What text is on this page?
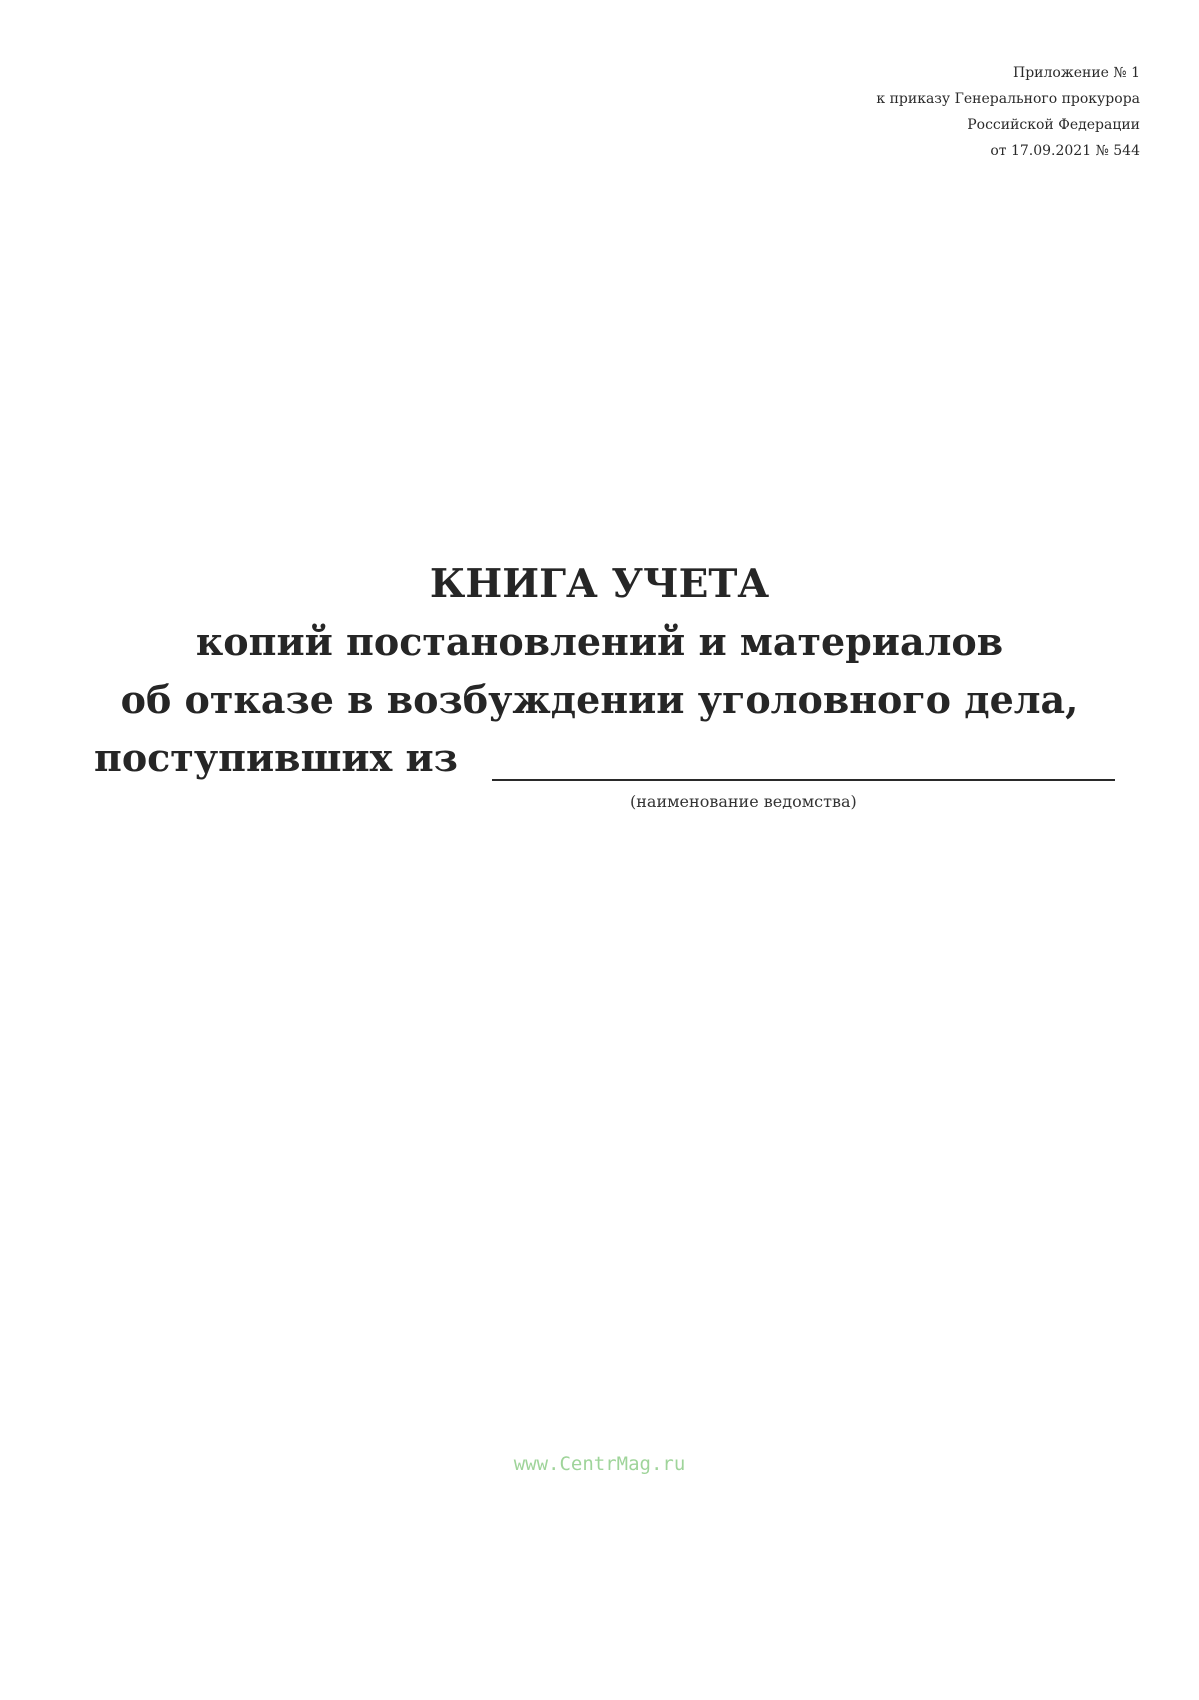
Приложение № 1
к приказу Генерального прокурора
Российской Федерации
от 17.09.2021 № 544
КНИГА УЧЕТА
копий постановлений и материалов
об отказе в возбуждении уголовного дела,
поступивших из
(наименование ведомства)
www.CentrMag.ru
